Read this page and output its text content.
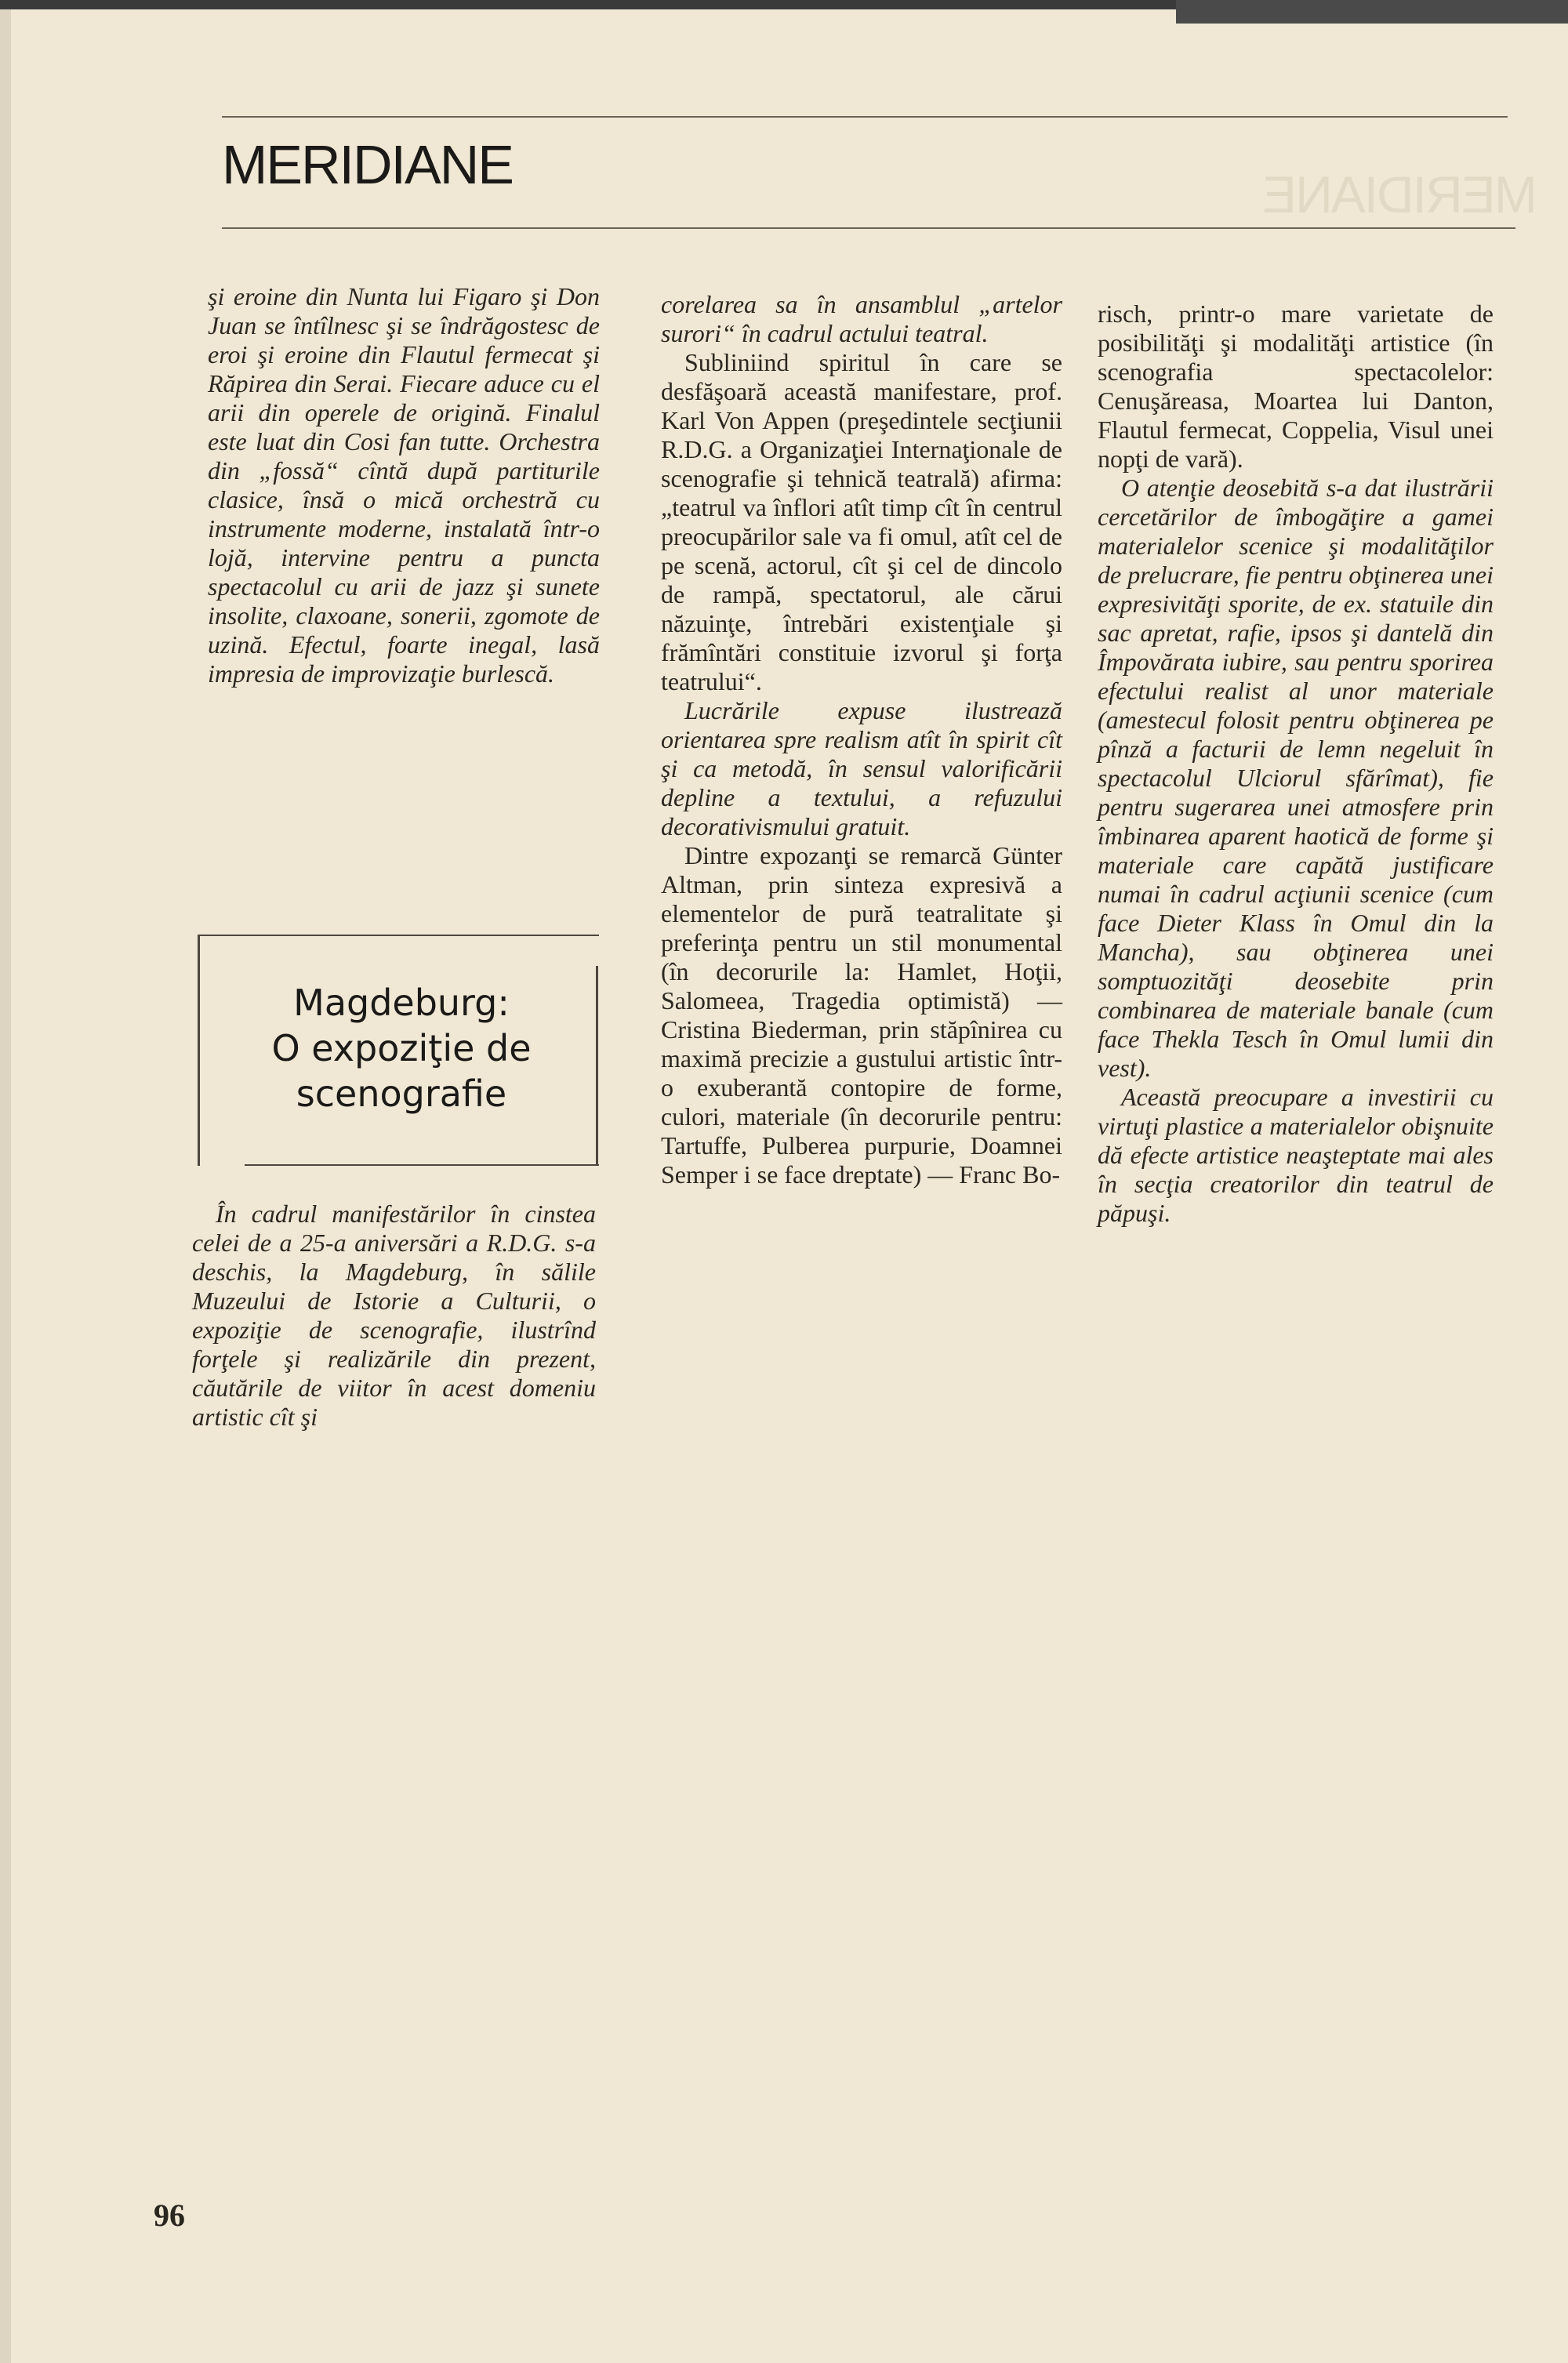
MERIDIANE	MERIDIANE

şi eroine din Nunta lui Figaro şi Don Juan se întîlnesc şi se îndrăgostesc de eroi şi eroine din Flautul fermecat şi Răpirea din Serai. Fiecare aduce cu el arii din operele de origină. Finalul este luat din Cosi fan tutte. Orchestra din „fossă“ cîntă după partiturile clasice, însă o mică orchestră cu instrumente moderne, instalată într-o lojă, intervine pentru a puncta spectacolul cu arii de jazz şi sunete insolite, claxoane, sonerii, zgomote de uzină. Efectul, foarte inegal, lasă impresia de improvizaţie burlescă.

Magdeburg:
O expoziţie de
scenografie

În cadrul manifestărilor în cinstea celei de a 25-a aniversări a R.D.G. s-a deschis, la Magdeburg, în sălile Muzeului de Istorie a Culturii, o expoziţie de scenografie, ilustrînd forţele şi realizările din prezent, căutările de viitor în acest domeniu artistic cît şi

corelarea sa în ansamblul „artelor surori“ în cadrul actului teatral.

Subliniind spiritul în care se desfăşoară această manifestare, prof. Karl Von Appen (preşedintele secţiunii R.D.G. a Organizaţiei Internaţionale de scenografie şi tehnică teatrală) afirma: „teatrul va înflori atît timp cît în centrul preocupărilor sale va fi omul, atît cel de pe scenă, actorul, cît şi cel de dincolo de rampă, spectatorul, ale cărui năzuinţe, întrebări existenţiale şi frămîntări constituie izvorul şi forţa teatrului“.

Lucrările expuse ilustrează orientarea spre realism atît în spirit cît şi ca metodă, în sensul valorificării depline a textului, a refuzului decorativismului gratuit.

Dintre expozanţi se remarcă Günter Altman, prin sinteza expresivă a elementelor de pură teatralitate şi preferinţa pentru un stil monumental (în decorurile la: Hamlet, Hoţii, Salomeea, Tragedia optimistă) — Cristina Biederman, prin stăpînirea cu maximă precizie a gustului artistic într-o exuberantă contopire de forme, culori, materiale (în decorurile pentru: Tartuffe, Pulberea purpurie, Doamnei Semper i se face dreptate) — Franc Bo-

risch, printr-o mare varietate de posibilităţi şi modalităţi artistice (în scenografia spectacolelor: Cenuşăreasa, Moartea lui Danton, Flautul fermecat, Coppelia, Visul unei nopţi de vară).

O atenţie deosebită s-a dat ilustrării cercetărilor de îmbogăţire a gamei materialelor scenice şi modalităţilor de prelucrare, fie pentru obţinerea unei expresivităţi sporite, de ex. statuile din sac apretat, rafie, ipsos şi dantelă din Împovărata iubire, sau pentru sporirea efectului realist al unor materiale (amestecul folosit pentru obţinerea pe pînză a facturii de lemn negeluit în spectacolul Ulciorul sfărîmat), fie pentru sugerarea unei atmosfere prin îmbinarea aparent haotică de forme şi materiale care capătă justificare numai în cadrul acţiunii scenice (cum face Dieter Klass în Omul din la Mancha), sau obţinerea unei somptuozităţi deosebite prin combinarea de materiale banale (cum face Thekla Tesch în Omul lumii din vest).

Această preocupare a investirii cu virtuţi plastice a materialelor obişnuite dă efecte artistice neaşteptate mai ales în secţia creatorilor din teatrul de păpuşi.

96
